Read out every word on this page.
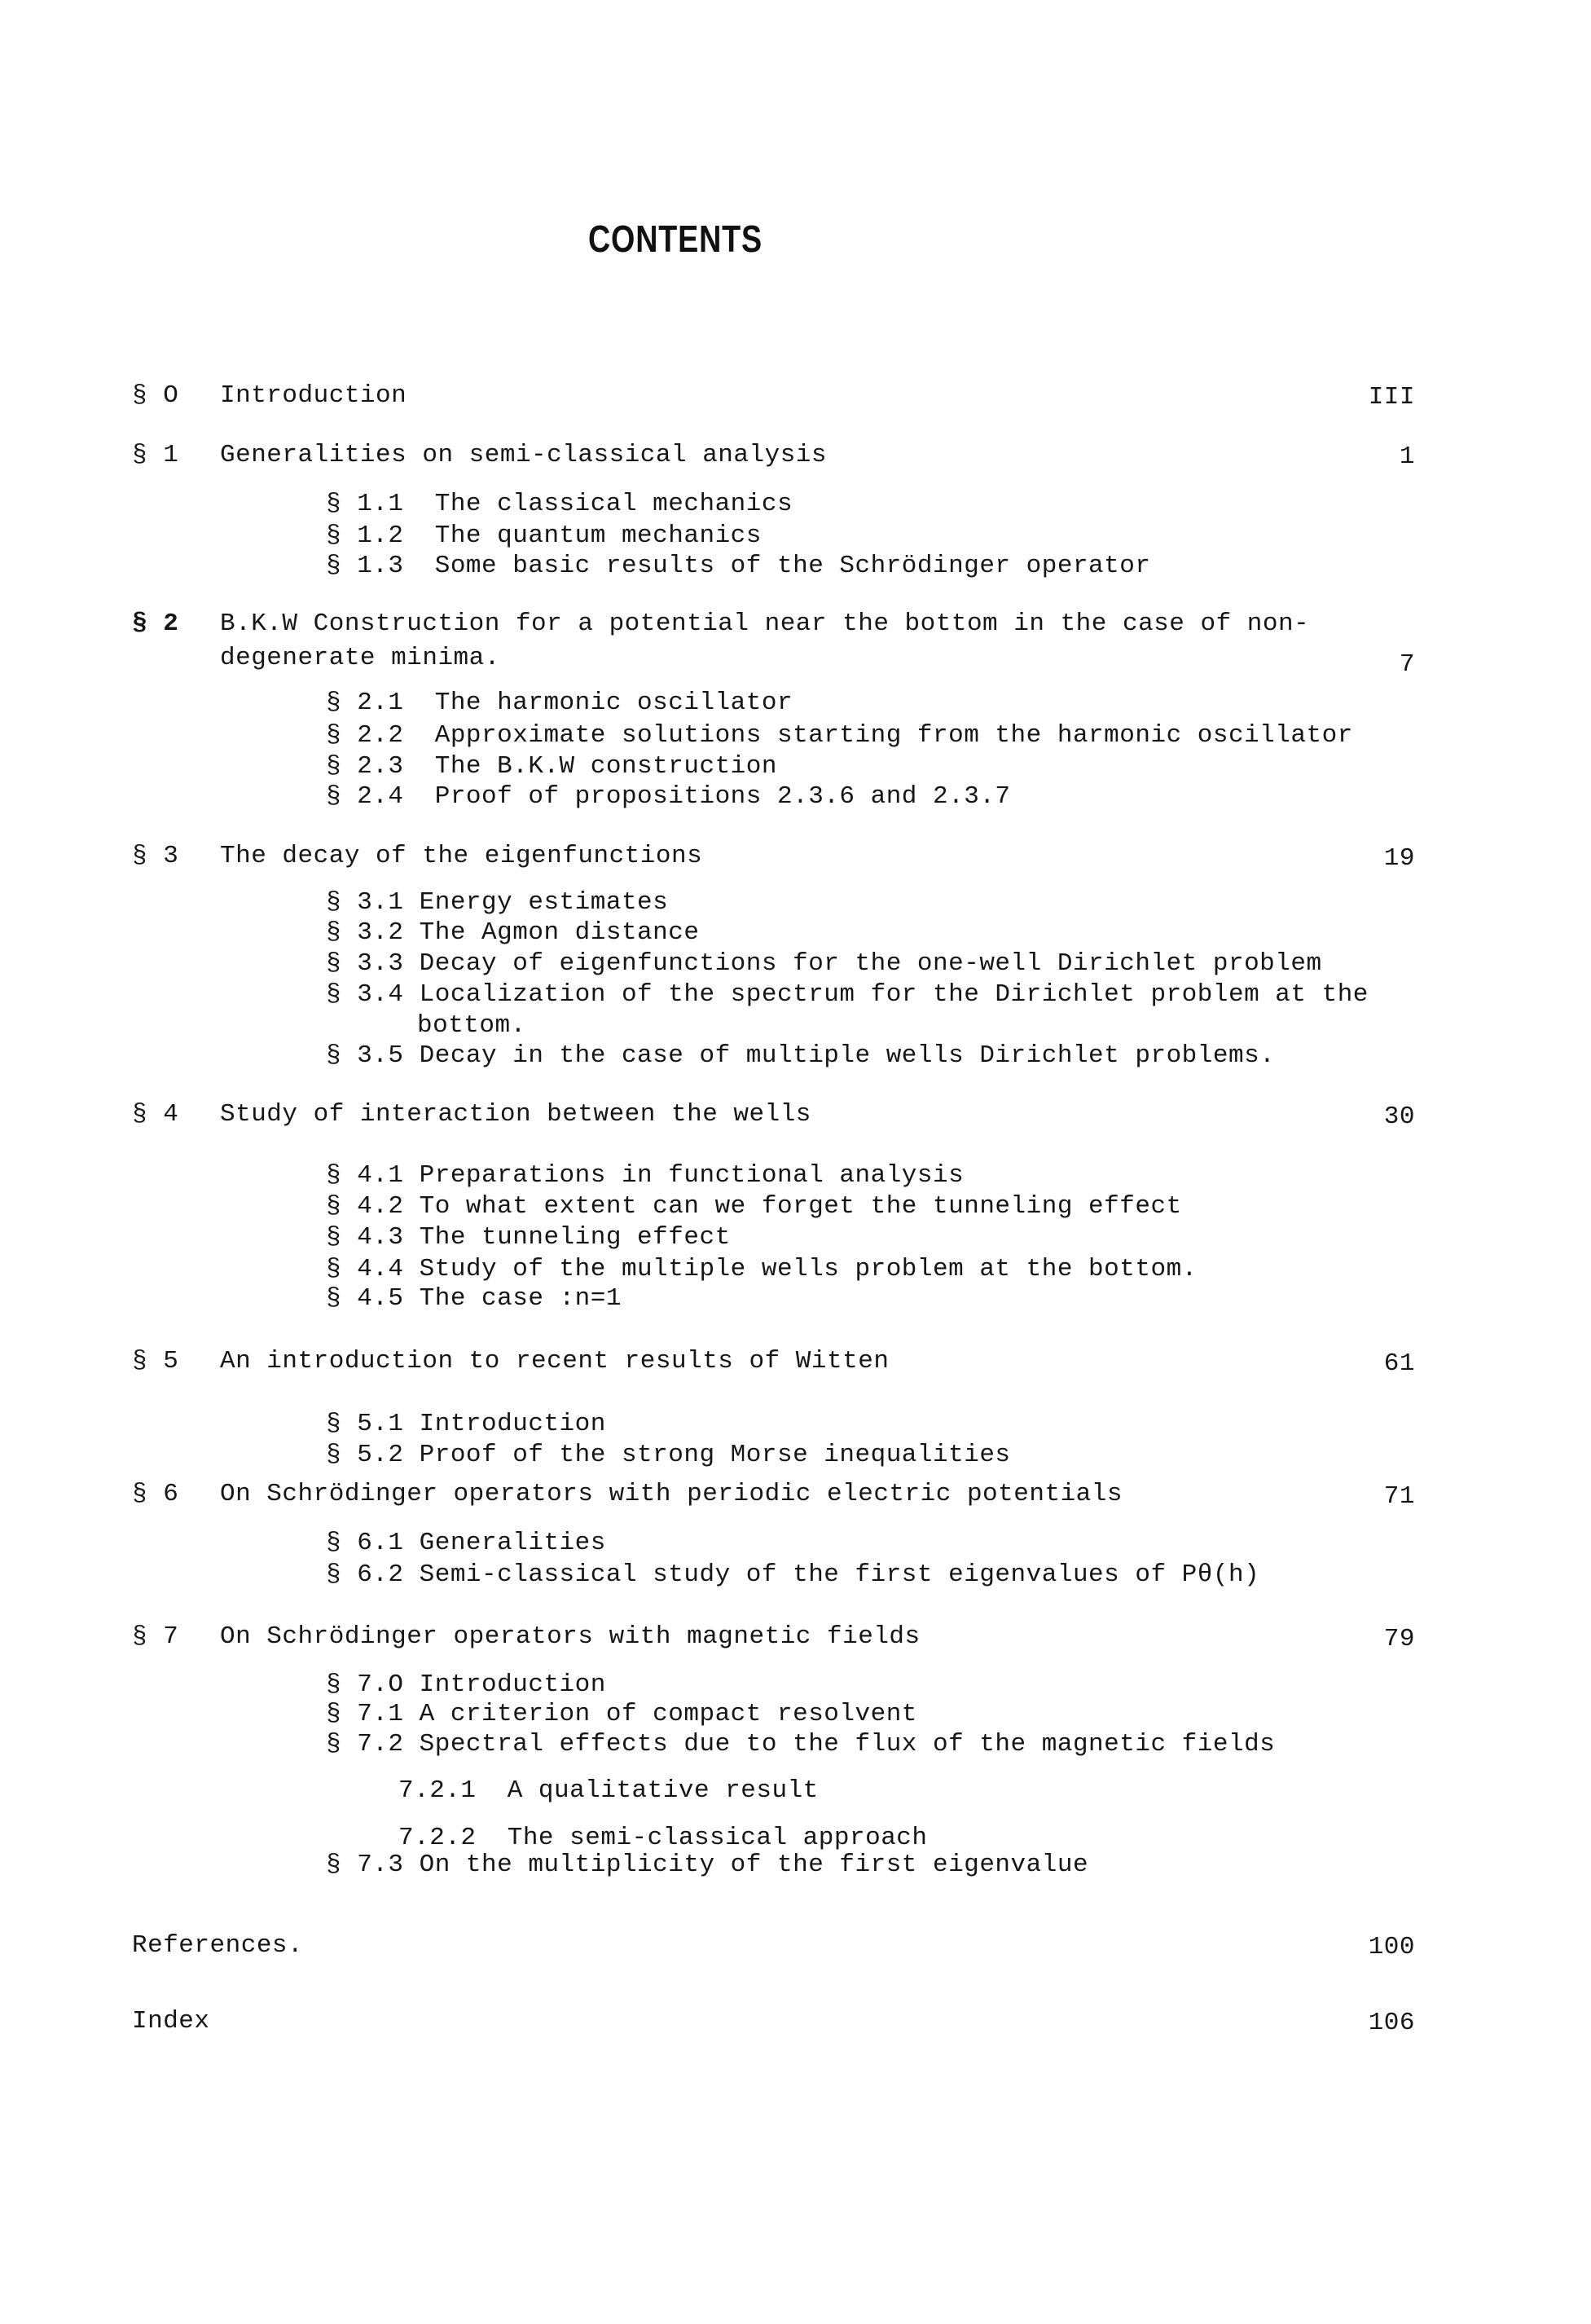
CONTENTS
§ O Introduction	III
§ 1 Generalities on semi-classical analysis	1
§ 1.1  The classical mechanics
§ 1.2  The quantum mechanics
§ 1.3  Some basic results of the Schrödinger operator
§ 2 B.K.W Construction for a potential near the bottom in the case of non-
degenerate minima.	7
§ 2.1  The harmonic oscillator
§ 2.2  Approximate solutions starting from the harmonic oscillator
§ 2.3  The B.K.W construction
§ 2.4  Proof of propositions 2.3.6 and 2.3.7
§ 3 The decay of the eigenfunctions	19
§ 3.1 Energy estimates
§ 3.2 The Agmon distance
§ 3.3 Decay of eigenfunctions for the one-well Dirichlet problem
§ 3.4 Localization of the spectrum for the Dirichlet problem at the
bottom.
§ 3.5 Decay in the case of multiple wells Dirichlet problems.
§ 4 Study of interaction between the wells	30
§ 4.1 Preparations in functional analysis
§ 4.2 To what extent can we forget the tunneling effect
§ 4.3 The tunneling effect
§ 4.4 Study of the multiple wells problem at the bottom.
§ 4.5 The case :n=1
§ 5 An introduction to recent results of Witten	61
§ 5.1 Introduction
§ 5.2 Proof of the strong Morse inequalities
§ 6 On Schrödinger operators with periodic electric potentials	71
§ 6.1 Generalities
§ 6.2 Semi-classical study of the first eigenvalues of Pθ(h)
§ 7 On Schrödinger operators with magnetic fields	79
§ 7.O Introduction
§ 7.1 A criterion of compact resolvent
§ 7.2 Spectral effects due to the flux of the magnetic fields
7.2.1  A qualitative result
7.2.2  The semi-classical approach
§ 7.3 On the multiplicity of the first eigenvalue
References.	100
Index	106
